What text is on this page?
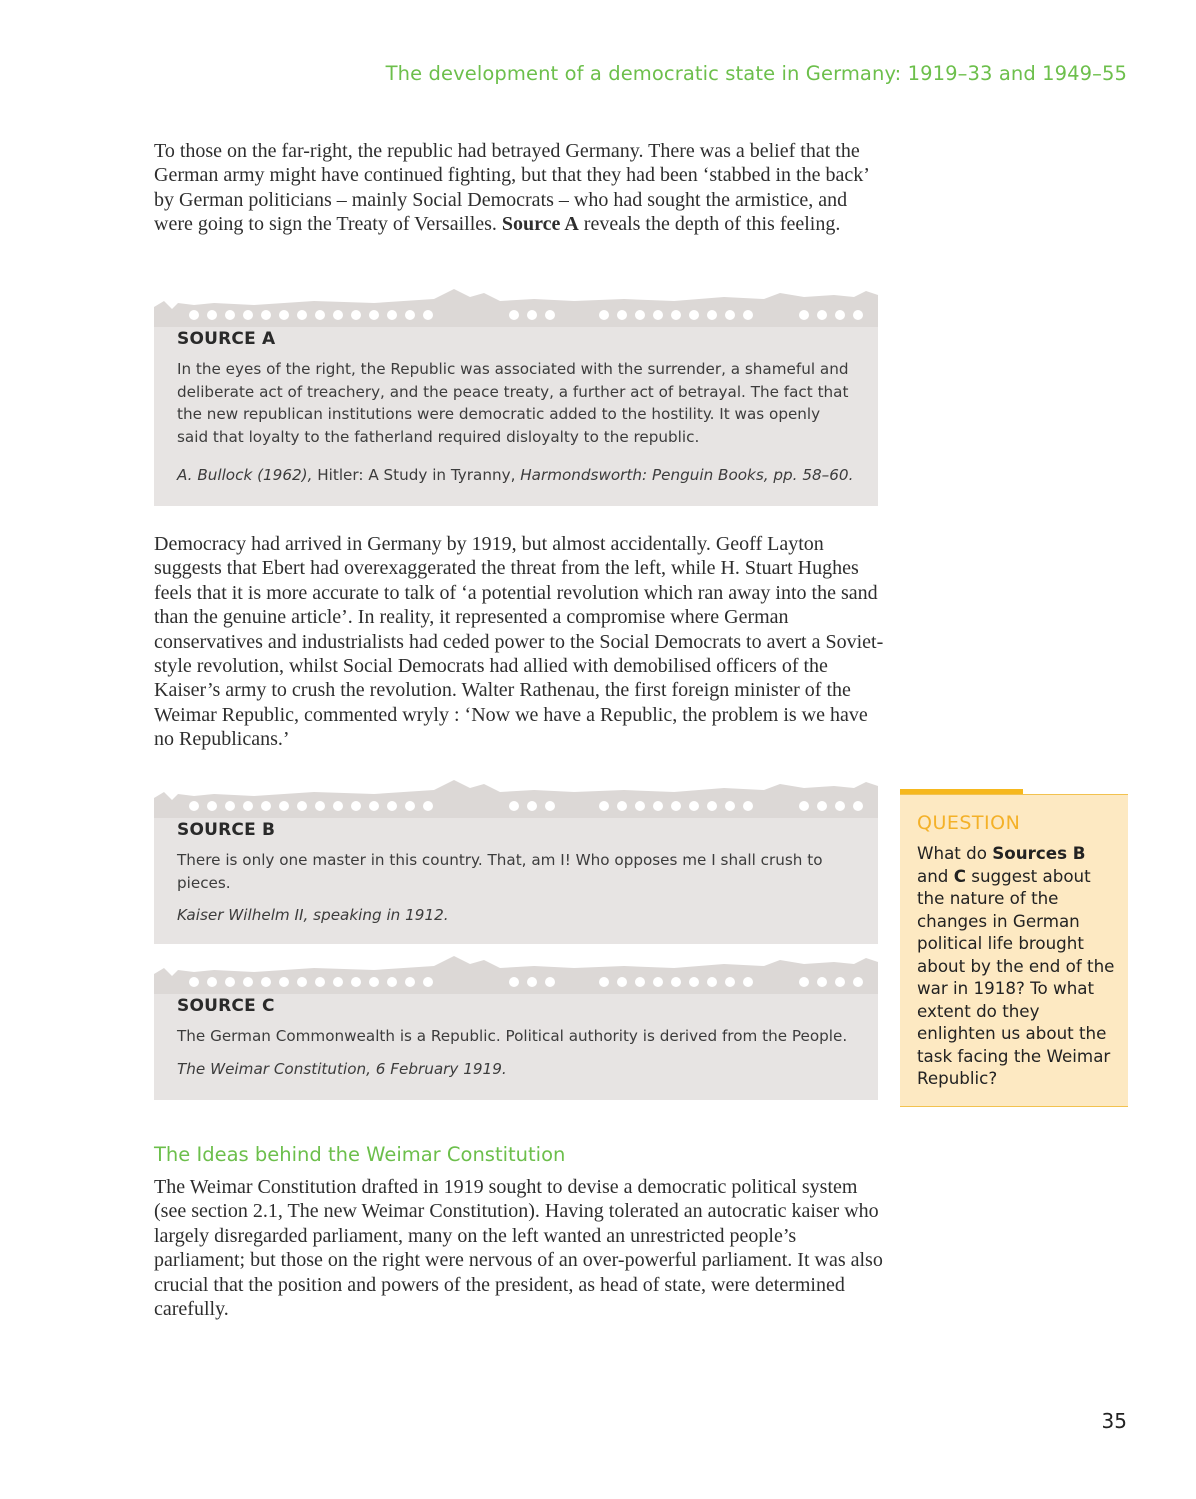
The development of a democratic state in Germany: 1919–33 and 1949–55

To those on the far-right, the republic had betrayed Germany. There was a belief that the German army might have continued fighting, but that they had been ‘stabbed in the back’ by German politicians – mainly Social Democrats – who had sought the armistice, and were going to sign the Treaty of Versailles. Source A reveals the depth of this feeling.

SOURCE A

In the eyes of the right, the Republic was associated with the surrender, a shameful and deliberate act of treachery, and the peace treaty, a further act of betrayal. The fact that the new republican institutions were democratic added to the hostility. It was openly said that loyalty to the fatherland required disloyalty to the republic.

A. Bullock (1962), Hitler: A Study in Tyranny, Harmondsworth: Penguin Books, pp. 58–60.

Democracy had arrived in Germany by 1919, but almost accidentally. Geoff Layton suggests that Ebert had overexaggerated the threat from the left, while H. Stuart Hughes feels that it is more accurate to talk of ‘a potential revolution which ran away into the sand than the genuine article’. In reality, it represented a compromise where German conservatives and industrialists had ceded power to the Social Democrats to avert a Soviet-style revolution, whilst Social Democrats had allied with demobilised officers of the Kaiser’s army to crush the revolution. Walter Rathenau, the first foreign minister of the Weimar Republic, commented wryly : ‘Now we have a Republic, the problem is we have no Republicans.’

SOURCE B

There is only one master in this country. That, am I! Who opposes me I shall crush to pieces.

Kaiser Wilhelm II, speaking in 1912.

SOURCE C

The German Commonwealth is a Republic. Political authority is derived from the People.

The Weimar Constitution, 6 February 1919.

QUESTION
What do Sources B and C suggest about the nature of the changes in German political life brought about by the end of the war in 1918? To what extent do they enlighten us about the task facing the Weimar Republic?
The Ideas behind the Weimar Constitution

The Weimar Constitution drafted in 1919 sought to devise a democratic political system (see section 2.1, The new Weimar Constitution). Having tolerated an autocratic kaiser who largely disregarded parliament, many on the left wanted an unrestricted people’s parliament; but those on the right were nervous of an over-powerful parliament. It was also crucial that the position and powers of the president, as head of state, were determined carefully.

35
